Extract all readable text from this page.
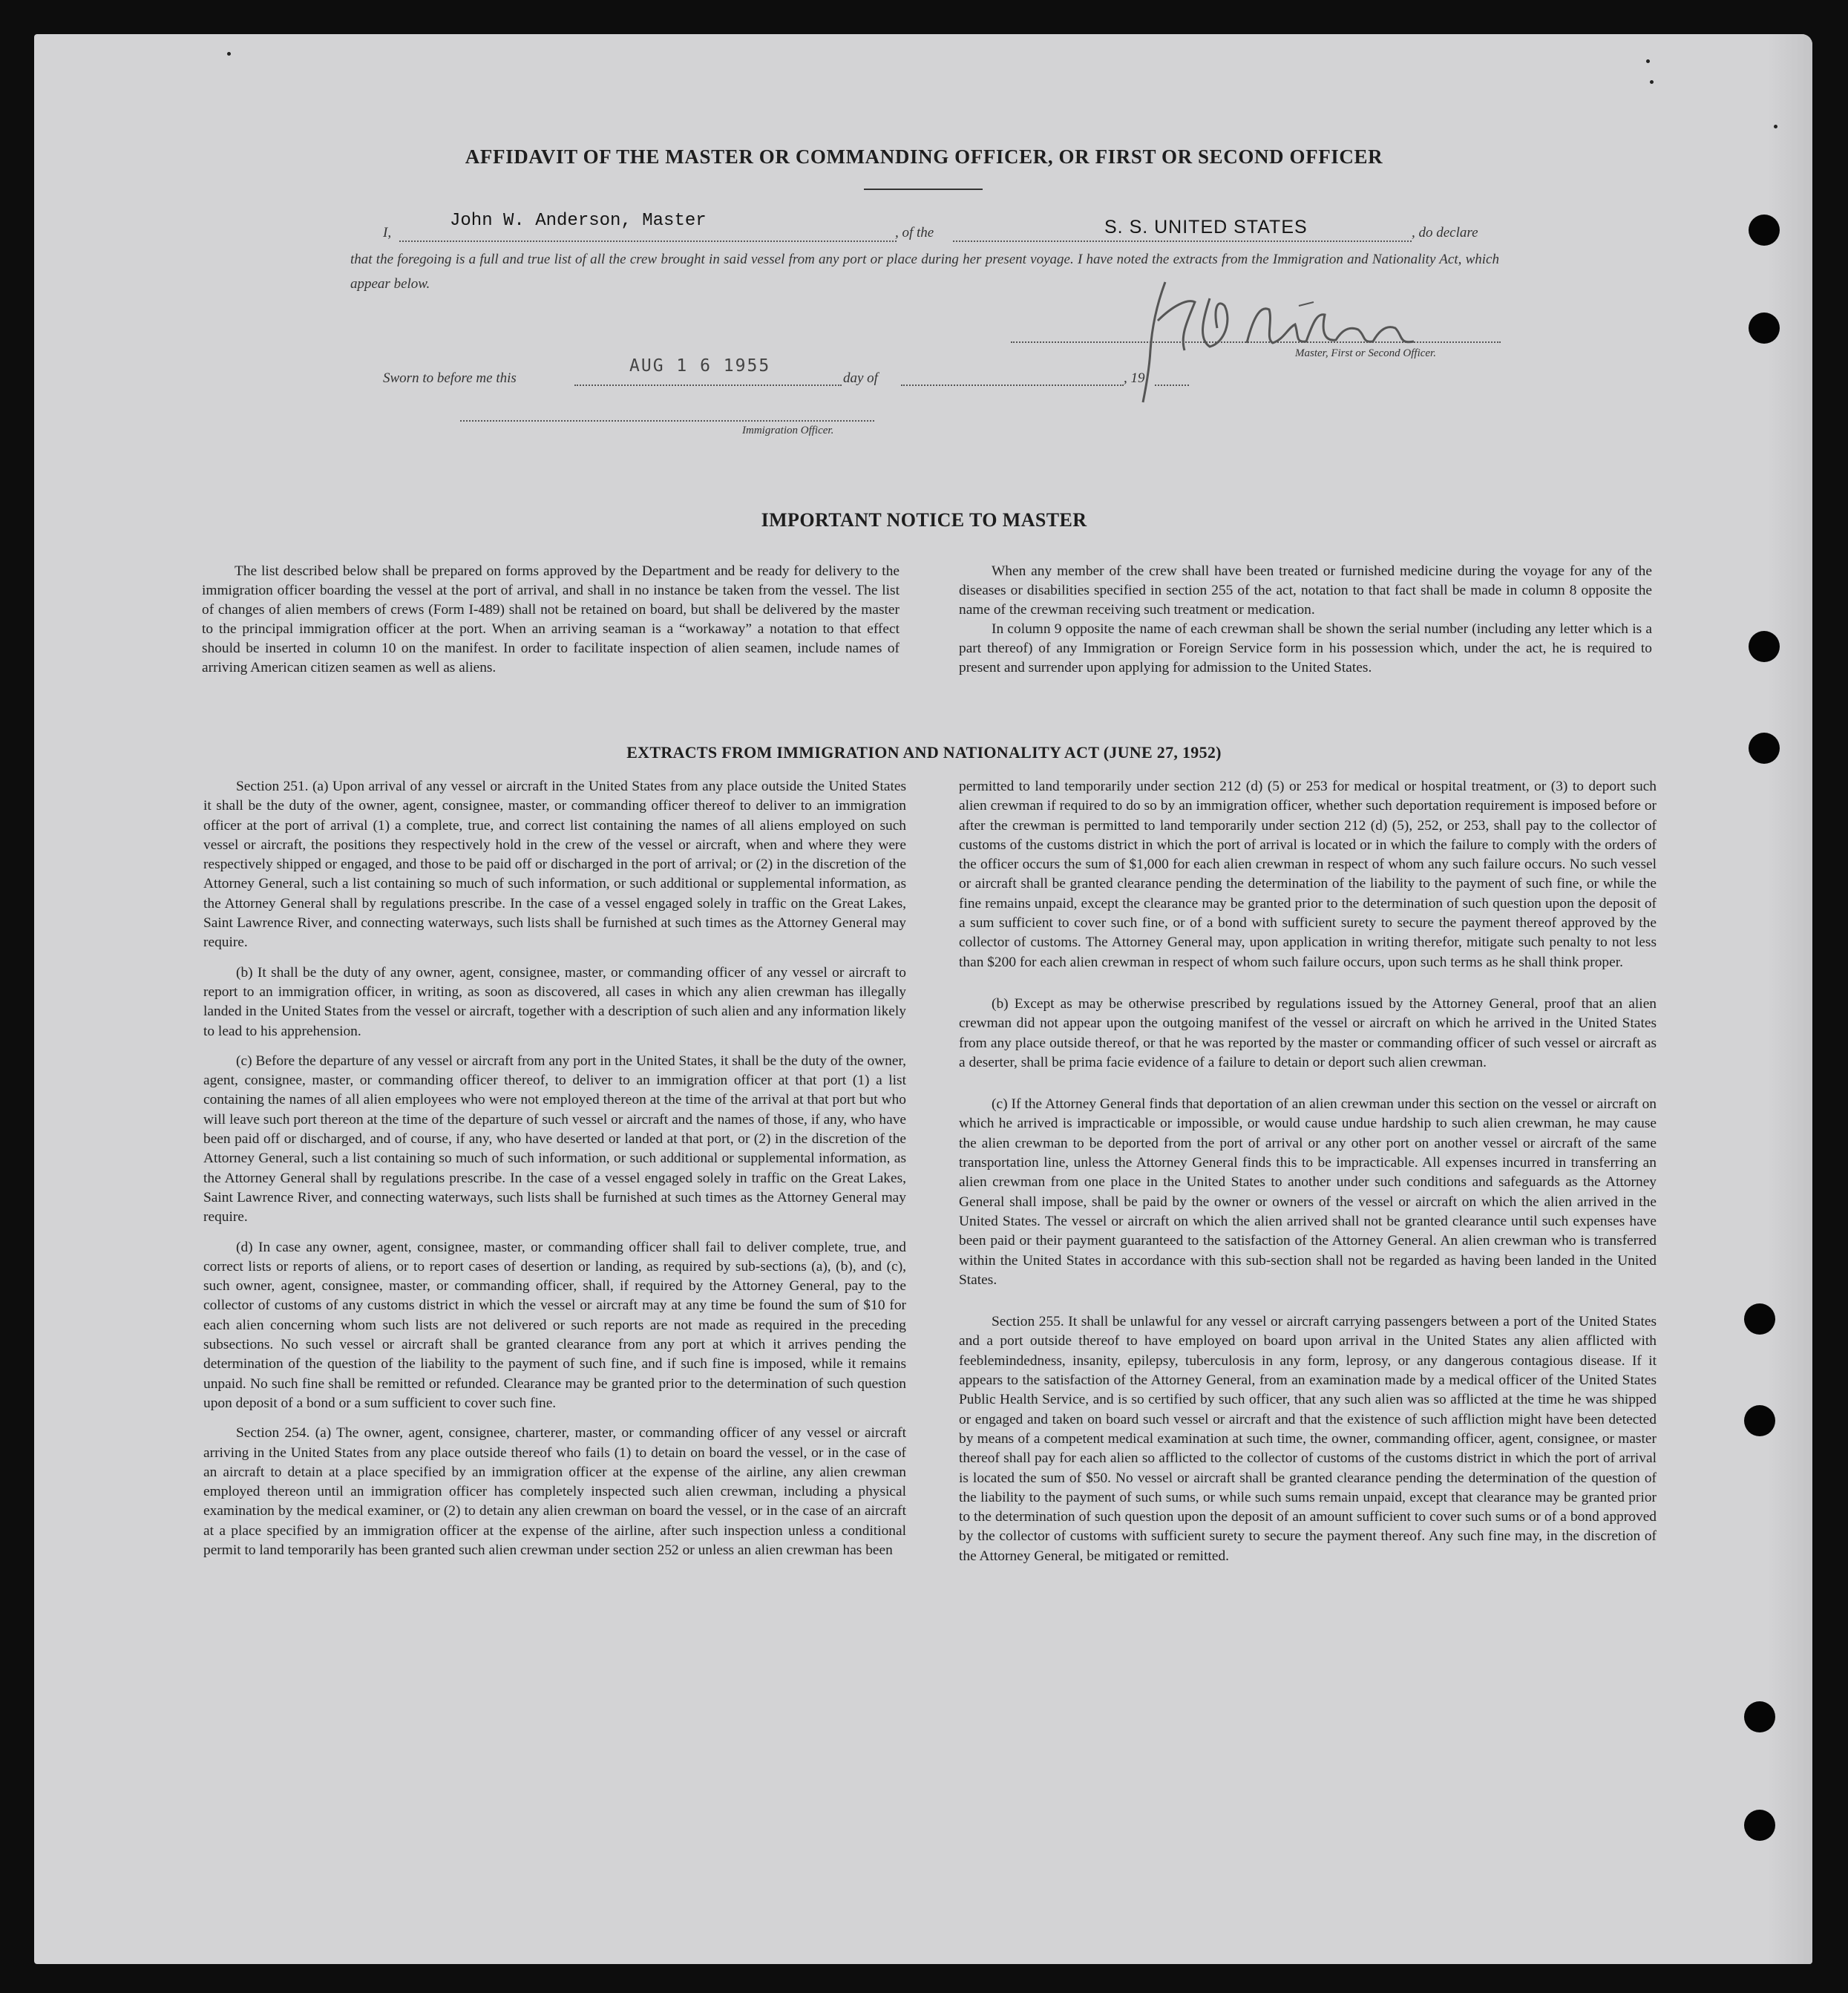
AFFIDAVIT OF THE MASTER OR COMMANDING OFFICER, OR FIRST OR SECOND OFFICER
I,
John W. Anderson, Master
, of the	S. S. UNITED STATES	, do declare
that the foregoing is a full and true list of all the crew brought in said vessel from any port or place during her present voyage. I have noted the extracts from the Immigration and Nationality Act, which appear below.
Master, First or Second Officer.
Sworn to before me this
AUG 1 6 1955
day of	, 19
Immigration Officer.
IMPORTANT NOTICE TO MASTER

The list described below shall be prepared on forms approved by the Department and be ready for delivery to the immigration officer boarding the vessel at the port of arrival, and shall in no instance be taken from the vessel. The list of changes of alien members of crews (Form I-489) shall not be retained on board, but shall be delivered by the master to the principal immigration officer at the port. When an arriving seaman is a “workaway” a notation to that effect should be inserted in column 10 on the manifest. In order to facilitate inspection of alien seamen, include names of arriving American citizen seamen as well as aliens.

When any member of the crew shall have been treated or furnished medicine during the voyage for any of the diseases or disabilities specified in section 255 of the act, notation to that fact shall be made in column 8 opposite the name of the crewman receiving such treatment or medication.

In column 9 opposite the name of each crewman shall be shown the serial number (including any letter which is a part thereof) of any Immigration or Foreign Service form in his possession which, under the act, he is required to present and surrender upon applying for admission to the United States.

EXTRACTS FROM IMMIGRATION AND NATIONALITY ACT (JUNE 27, 1952)

Section 251. (a) Upon arrival of any vessel or aircraft in the United States from any place outside the United States it shall be the duty of the owner, agent, consignee, master, or commanding officer thereof to deliver to an immigration officer at the port of arrival (1) a complete, true, and correct list containing the names of all aliens employed on such vessel or aircraft, the positions they respectively hold in the crew of the vessel or aircraft, when and where they were respectively shipped or engaged, and those to be paid off or discharged in the port of arrival; or (2) in the discretion of the Attorney General, such a list containing so much of such information, or such additional or supplemental information, as the Attorney General shall by regulations prescribe. In the case of a vessel engaged solely in traffic on the Great Lakes, Saint Lawrence River, and connecting waterways, such lists shall be furnished at such times as the Attorney General may require.

(b) It shall be the duty of any owner, agent, consignee, master, or commanding officer of any vessel or aircraft to report to an immigration officer, in writing, as soon as discovered, all cases in which any alien crewman has illegally landed in the United States from the vessel or aircraft, together with a description of such alien and any information likely to lead to his apprehension.

(c) Before the departure of any vessel or aircraft from any port in the United States, it shall be the duty of the owner, agent, consignee, master, or commanding officer thereof, to deliver to an immigration officer at that port (1) a list containing the names of all alien employees who were not employed thereon at the time of the arrival at that port but who will leave such port thereon at the time of the departure of such vessel or aircraft and the names of those, if any, who have been paid off or discharged, and of course, if any, who have deserted or landed at that port, or (2) in the discretion of the Attorney General, such a list containing so much of such information, or such additional or supplemental information, as the Attorney General shall by regulations prescribe. In the case of a vessel engaged solely in traffic on the Great Lakes, Saint Lawrence River, and connecting waterways, such lists shall be furnished at such times as the Attorney General may require.

(d) In case any owner, agent, consignee, master, or commanding officer shall fail to deliver complete, true, and correct lists or reports of aliens, or to report cases of desertion or landing, as required by sub-sections (a), (b), and (c), such owner, agent, consignee, master, or commanding officer, shall, if required by the Attorney General, pay to the collector of customs of any customs district in which the vessel or aircraft may at any time be found the sum of $10 for each alien concerning whom such lists are not delivered or such reports are not made as required in the preceding subsections. No such vessel or aircraft shall be granted clearance from any port at which it arrives pending the determination of the question of the liability to the payment of such fine, and if such fine is imposed, while it remains unpaid. No such fine shall be remitted or refunded. Clearance may be granted prior to the determination of such question upon deposit of a bond or a sum sufficient to cover such fine.

Section 254. (a) The owner, agent, consignee, charterer, master, or commanding officer of any vessel or aircraft arriving in the United States from any place outside thereof who fails (1) to detain on board the vessel, or in the case of an aircraft to detain at a place specified by an immigration officer at the expense of the airline, any alien crewman employed thereon until an immigration officer has completely inspected such alien crewman, including a physical examination by the medical examiner, or (2) to detain any alien crewman on board the vessel, or in the case of an aircraft at a place specified by an immigration officer at the expense of the airline, after such inspection unless a conditional permit to land temporarily has been granted such alien crewman under section 252 or unless an alien crewman has been

permitted to land temporarily under section 212 (d) (5) or 253 for medical or hospital treatment, or (3) to deport such alien crewman if required to do so by an immigration officer, whether such deportation requirement is imposed before or after the crewman is permitted to land temporarily under section 212 (d) (5), 252, or 253, shall pay to the collector of customs of the customs district in which the port of arrival is located or in which the failure to comply with the orders of the officer occurs the sum of $1,000 for each alien crewman in respect of whom any such failure occurs. No such vessel or aircraft shall be granted clearance pending the determination of the liability to the payment of such fine, or while the fine remains unpaid, except the clearance may be granted prior to the determination of such question upon the deposit of a sum sufficient to cover such fine, or of a bond with sufficient surety to secure the payment thereof approved by the collector of customs. The Attorney General may, upon application in writing therefor, mitigate such penalty to not less than $200 for each alien crewman in respect of whom such failure occurs, upon such terms as he shall think proper.

(b) Except as may be otherwise prescribed by regulations issued by the Attorney General, proof that an alien crewman did not appear upon the outgoing manifest of the vessel or aircraft on which he arrived in the United States from any place outside thereof, or that he was reported by the master or commanding officer of such vessel or aircraft as a deserter, shall be prima facie evidence of a failure to detain or deport such alien crewman.

(c) If the Attorney General finds that deportation of an alien crewman under this section on the vessel or aircraft on which he arrived is impracticable or impossible, or would cause undue hardship to such alien crewman, he may cause the alien crewman to be deported from the port of arrival or any other port on another vessel or aircraft of the same transportation line, unless the Attorney General finds this to be impracticable. All expenses incurred in transferring an alien crewman from one place in the United States to another under such conditions and safeguards as the Attorney General shall impose, shall be paid by the owner or owners of the vessel or aircraft on which the alien arrived in the United States. The vessel or aircraft on which the alien arrived shall not be granted clearance until such expenses have been paid or their payment guaranteed to the satisfaction of the Attorney General. An alien crewman who is transferred within the United States in accordance with this sub-section shall not be regarded as having been landed in the United States.

Section 255. It shall be unlawful for any vessel or aircraft carrying passengers between a port of the United States and a port outside thereof to have employed on board upon arrival in the United States any alien afflicted with feeblemindedness, insanity, epilepsy, tuberculosis in any form, leprosy, or any dangerous contagious disease. If it appears to the satisfaction of the Attorney General, from an examination made by a medical officer of the United States Public Health Service, and is so certified by such officer, that any such alien was so afflicted at the time he was shipped or engaged and taken on board such vessel or aircraft and that the existence of such affliction might have been detected by means of a competent medical examination at such time, the owner, commanding officer, agent, consignee, or master thereof shall pay for each alien so afflicted to the collector of customs of the customs district in which the port of arrival is located the sum of $50. No vessel or aircraft shall be granted clearance pending the determination of the question of the liability to the payment of such sums, or while such sums remain unpaid, except that clearance may be granted prior to the determination of such question upon the deposit of an amount sufficient to cover such sums or of a bond approved by the collector of customs with sufficient surety to secure the payment thereof. Any such fine may, in the discretion of the Attorney General, be mitigated or remitted.
